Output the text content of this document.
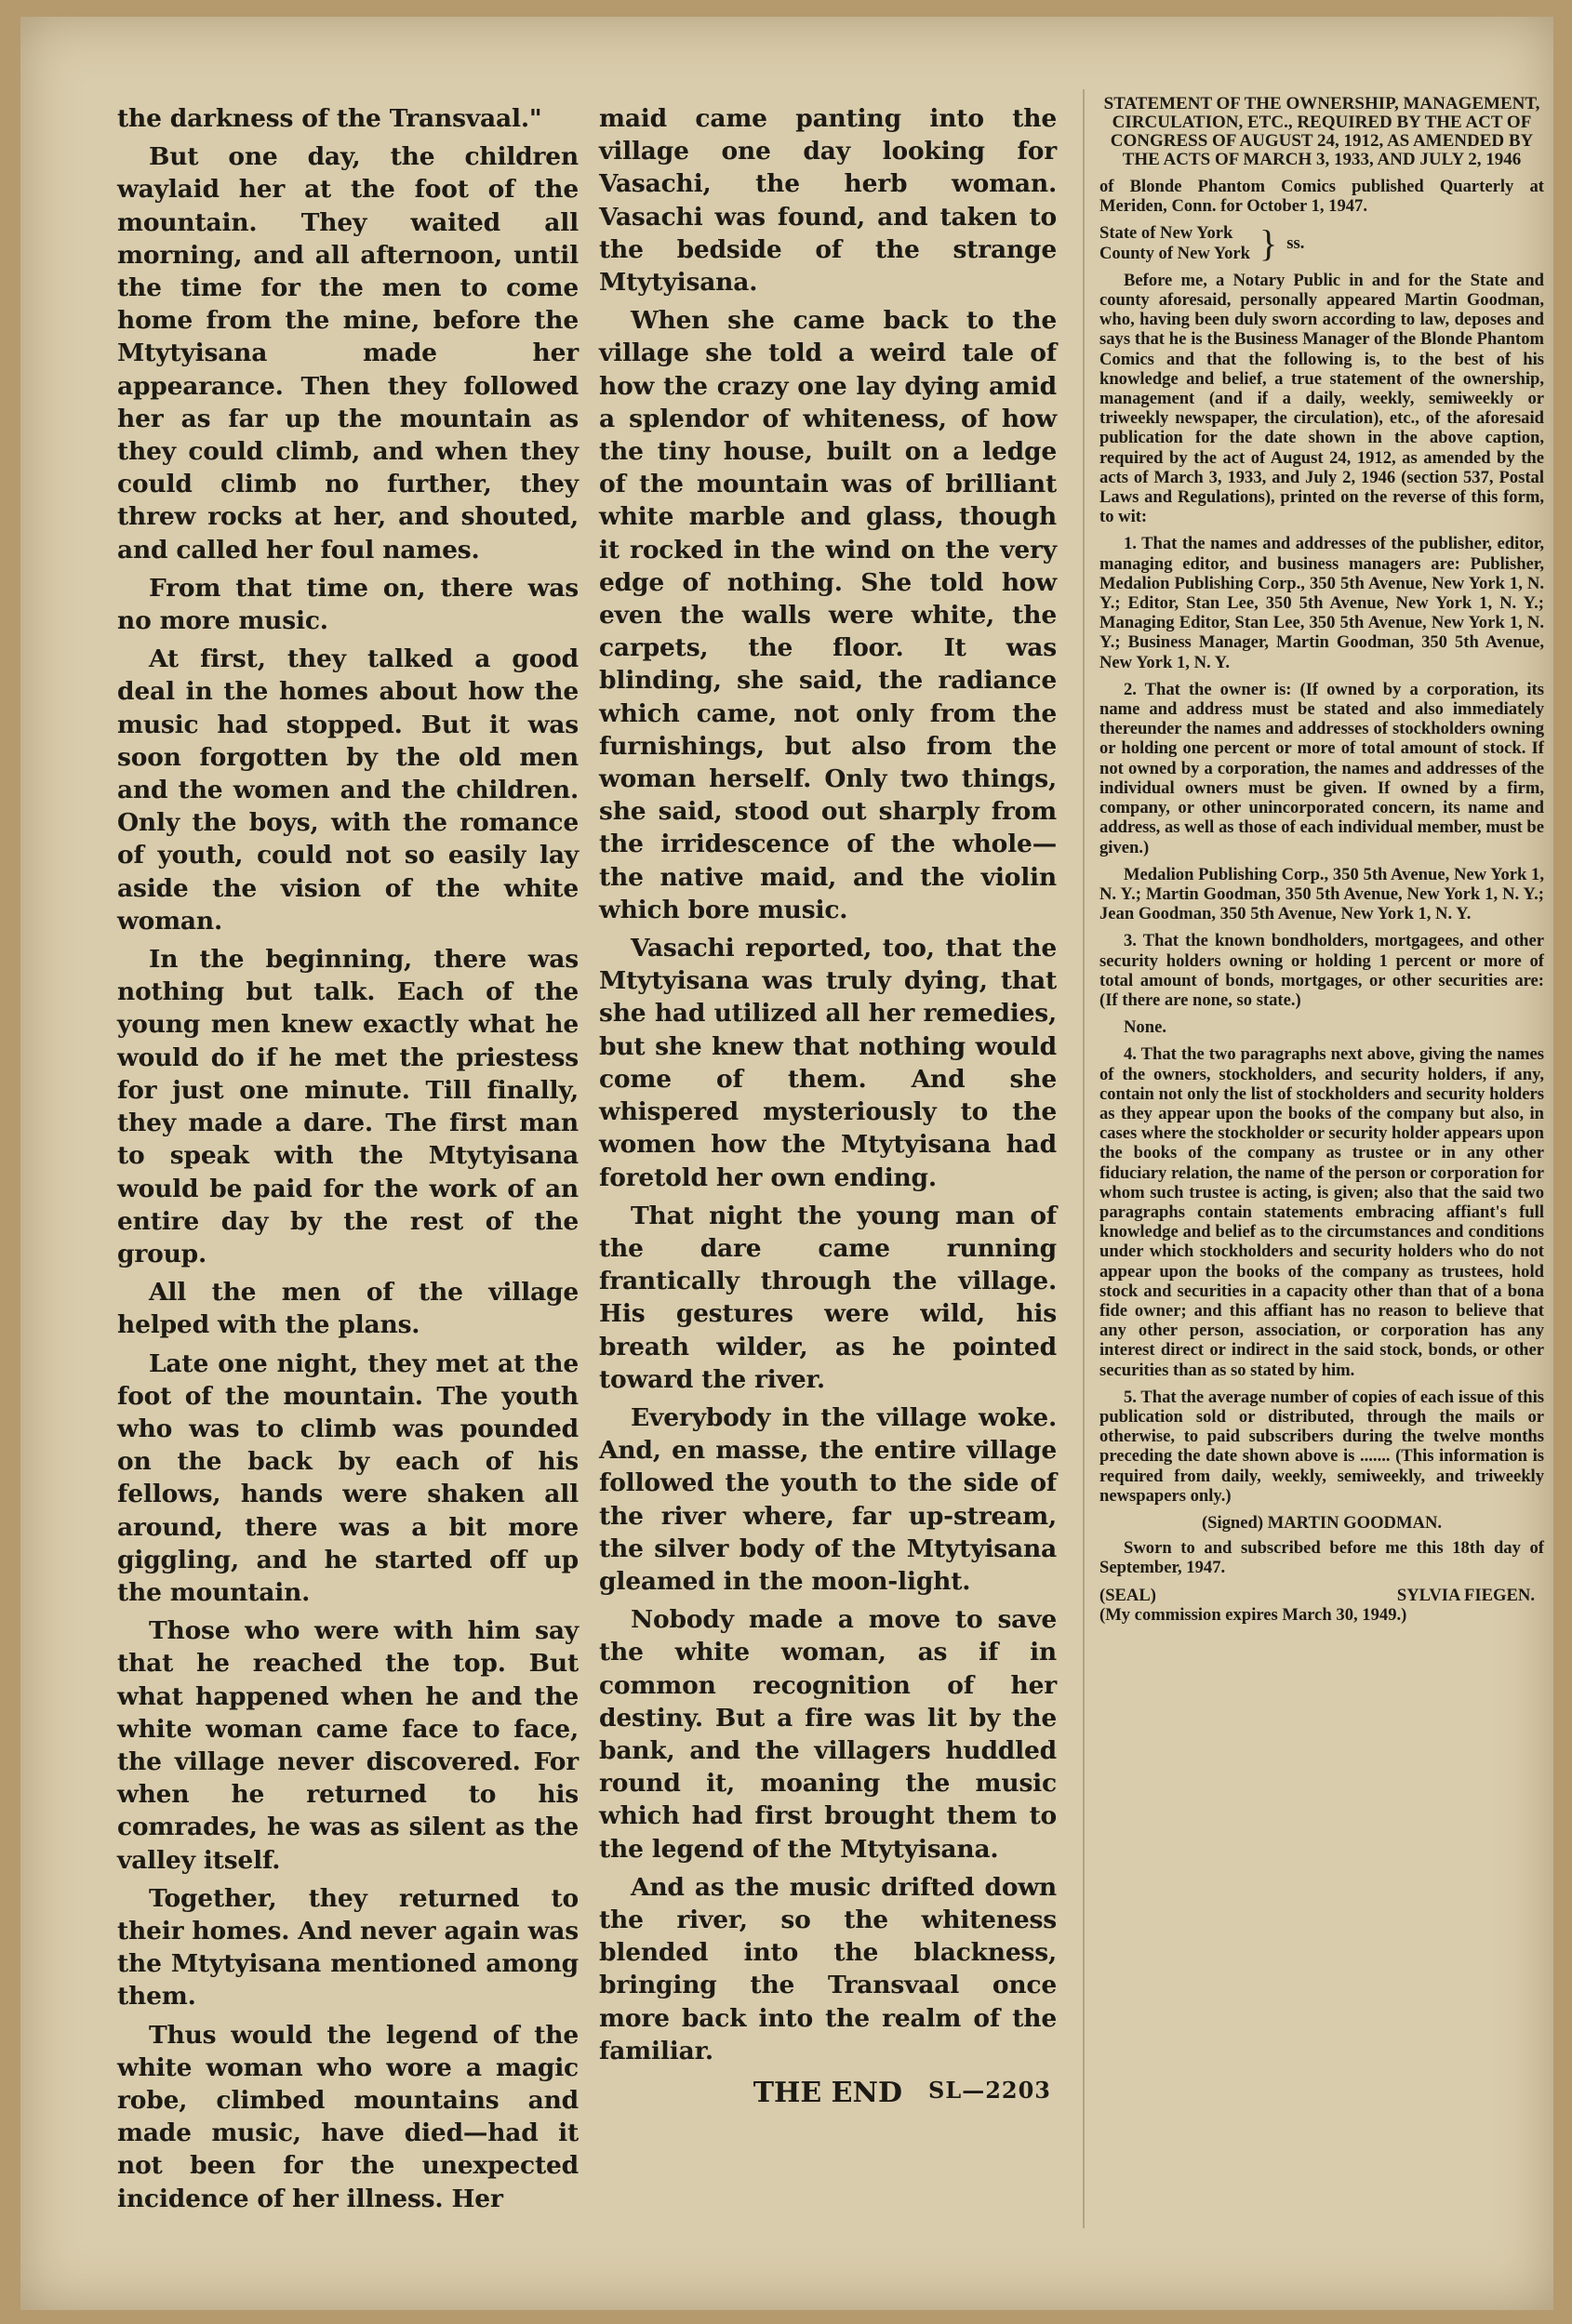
the darkness of the Transvaal."

But one day, the children waylaid her at the foot of the mountain. They waited all morning, and all afternoon, until the time for the men to come home from the mine, before the Mtytyisana made her appearance. Then they followed her as far up the mountain as they could climb, and when they could climb no further, they threw rocks at her, and shouted, and called her foul names.

From that time on, there was no more music.

At first, they talked a good deal in the homes about how the music had stopped. But it was soon forgotten by the old men and the women and the children. Only the boys, with the romance of youth, could not so easily lay aside the vision of the white woman.

In the beginning, there was nothing but talk. Each of the young men knew exactly what he would do if he met the priestess for just one minute. Till finally, they made a dare. The first man to speak with the Mtytyisana would be paid for the work of an entire day by the rest of the group.

All the men of the village helped with the plans.

Late one night, they met at the foot of the mountain. The youth who was to climb was pounded on the back by each of his fellows, hands were shaken all around, there was a bit more giggling, and he started off up the mountain.

Those who were with him say that he reached the top. But what happened when he and the white woman came face to face, the village never discovered. For when he returned to his comrades, he was as silent as the valley itself.

Together, they returned to their homes. And never again was the Mtytyisana mentioned among them.

Thus would the legend of the white woman who wore a magic robe, climbed mountains and made music, have died—had it not been for the unexpected incidence of her illness. Her

maid came panting into the village one day looking for Vasachi, the herb woman. Vasachi was found, and taken to the bedside of the strange Mtytyisana.

When she came back to the village she told a weird tale of how the crazy one lay dying amid a splendor of whiteness, of how the tiny house, built on a ledge of the mountain was of brilliant white marble and glass, though it rocked in the wind on the very edge of nothing. She told how even the walls were white, the carpets, the floor. It was blinding, she said, the radiance which came, not only from the furnishings, but also from the woman herself. Only two things, she said, stood out sharply from the irridescence of the whole—the native maid, and the violin which bore music.

Vasachi reported, too, that the Mtytyisana was truly dying, that she had utilized all her remedies, but she knew that nothing would come of them. And she whispered mysteriously to the women how the Mtytyisana had foretold her own ending.

That night the young man of the dare came running frantically through the village. His gestures were wild, his breath wilder, as he pointed toward the river.

Everybody in the village woke. And, en masse, the entire village followed the youth to the side of the river where, far up-stream, the silver body of the Mtytyisana gleamed in the moon-light.

Nobody made a move to save the white woman, as if in common recognition of her destiny. But a fire was lit by the bank, and the villagers huddled round it, moaning the music which had first brought them to the legend of the Mtytyisana.

And as the music drifted down the river, so the whiteness blended into the blackness, bringing the Transvaal once more back into the realm of the familiar.

THE END SL—2203
STATEMENT OF THE OWNERSHIP, MANAGEMENT, CIRCULATION, ETC., REQUIRED BY THE ACT OF CONGRESS OF AUGUST 24, 1912, AS AMENDED BY THE ACTS OF MARCH 3, 1933, AND JULY 2, 1946

of Blonde Phantom Comics published Quarterly at Meriden, Conn. for October 1, 1947.

State of New York
County of New York } ss.

Before me, a Notary Public in and for the State and county aforesaid, personally appeared Martin Goodman, who, having been duly sworn according to law, deposes and says that he is the Business Manager of the Blonde Phantom Comics and that the following is, to the best of his knowledge and belief, a true statement of the ownership, management (and if a daily, weekly, semiweekly or triweekly newspaper, the circulation), etc., of the aforesaid publication for the date shown in the above caption, required by the act of August 24, 1912, as amended by the acts of March 3, 1933, and July 2, 1946 (section 537, Postal Laws and Regulations), printed on the reverse of this form, to wit:

1. That the names and addresses of the publisher, editor, managing editor, and business managers are: Publisher, Medalion Publishing Corp., 350 5th Avenue, New York 1, N. Y.; Editor, Stan Lee, 350 5th Avenue, New York 1, N. Y.; Managing Editor, Stan Lee, 350 5th Avenue, New York 1, N. Y.; Business Manager, Martin Goodman, 350 5th Avenue, New York 1, N. Y.

2. That the owner is: (If owned by a corporation, its name and address must be stated and also immediately thereunder the names and addresses of stockholders owning or holding one percent or more of total amount of stock. If not owned by a corporation, the names and addresses of the individual owners must be given. If owned by a firm, company, or other unincorporated concern, its name and address, as well as those of each individual member, must be given.)

Medalion Publishing Corp., 350 5th Avenue, New York 1, N. Y.; Martin Goodman, 350 5th Avenue, New York 1, N. Y.; Jean Goodman, 350 5th Avenue, New York 1, N. Y.

3. That the known bondholders, mortgagees, and other security holders owning or holding 1 percent or more of total amount of bonds, mortgages, or other securities are: (If there are none, so state.)

None.

4. That the two paragraphs next above, giving the names of the owners, stockholders, and security holders, if any, contain not only the list of stockholders and security holders as they appear upon the books of the company but also, in cases where the stockholder or security holder appears upon the books of the company as trustee or in any other fiduciary relation, the name of the person or corporation for whom such trustee is acting, is given; also that the said two paragraphs contain statements embracing affiant's full knowledge and belief as to the circumstances and conditions under which stockholders and security holders who do not appear upon the books of the company as trustees, hold stock and securities in a capacity other than that of a bona fide owner; and this affiant has no reason to believe that any other person, association, or corporation has any interest direct or indirect in the said stock, bonds, or other securities than as so stated by him.

5. That the average number of copies of each issue of this publication sold or distributed, through the mails or otherwise, to paid subscribers during the twelve months preceding the date shown above is ....... (This information is required from daily, weekly, semiweekly, and triweekly newspapers only.)

(Signed) MARTIN GOODMAN.

Sworn to and subscribed before me this 18th day of September, 1947.

(SEAL)	SYLVIA FIEGEN.
(My commission expires March 30, 1949.)
